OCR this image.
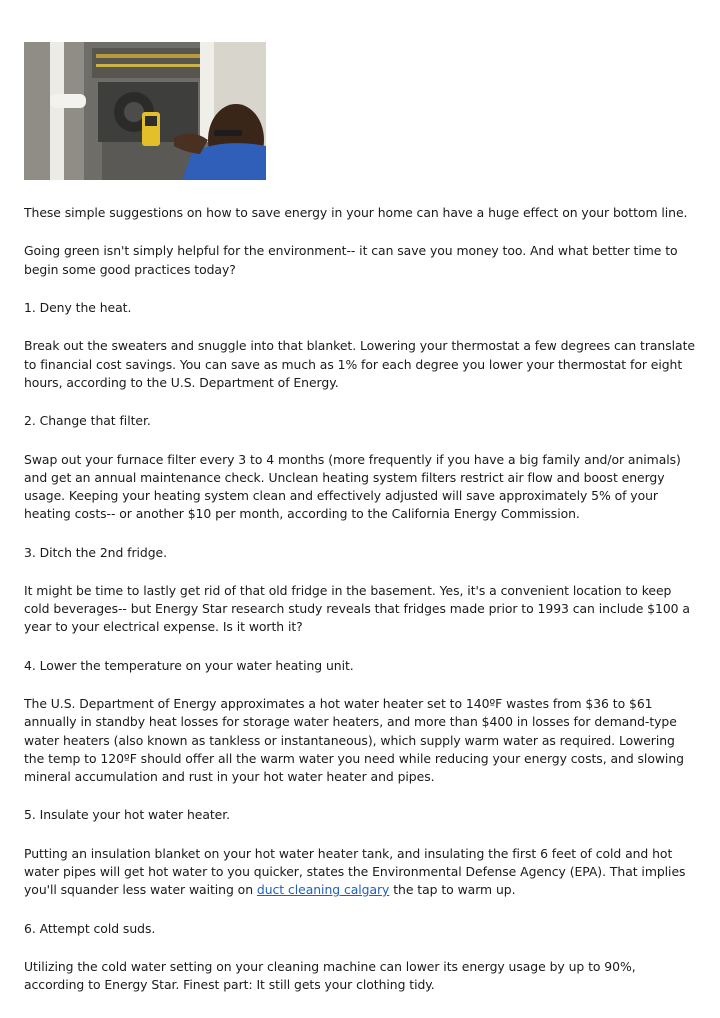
These simple suggestions on how to save energy in your home can have a huge effect on your bottom line.

Going green isn't simply helpful for the environment-- it can save you money too. And what better time to begin some good practices today?

1. Deny the heat.

Break out the sweaters and snuggle into that blanket. Lowering your thermostat a few degrees can translate to financial cost savings. You can save as much as 1% for each degree you lower your thermostat for eight hours, according to the U.S. Department of Energy.

2. Change that filter.

Swap out your furnace filter every 3 to 4 months (more frequently if you have a big family and/or animals) and get an annual maintenance check. Unclean heating system filters restrict air flow and boost energy usage. Keeping your heating system clean and effectively adjusted will save approximately 5% of your heating costs-- or another $10 per month, according to the California Energy Commission.

3. Ditch the 2nd fridge.

It might be time to lastly get rid of that old fridge in the basement. Yes, it's a convenient location to keep cold beverages-- but Energy Star research study reveals that fridges made prior to 1993 can include $100 a year to your electrical expense. Is it worth it?

4. Lower the temperature on your water heating unit.

The U.S. Department of Energy approximates a hot water heater set to 140ºF wastes from $36 to $61 annually in standby heat losses for storage water heaters, and more than $400 in losses for demand-type water heaters (also known as tankless or instantaneous), which supply warm water as required. Lowering the temp to 120ºF should offer all the warm water you need while reducing your energy costs, and slowing mineral accumulation and rust in your hot water heater and pipes.

5. Insulate your hot water heater.

Putting an insulation blanket on your hot water heater tank, and insulating the first 6 feet of cold and hot water pipes will get hot water to you quicker, states the Environmental Defense Agency (EPA). That implies you'll squander less water waiting on duct cleaning calgary the tap to warm up.

6. Attempt cold suds.

Utilizing the cold water setting on your cleaning machine can lower its energy usage by up to 90%, according to Energy Star. Finest part: It still gets your clothing tidy.
